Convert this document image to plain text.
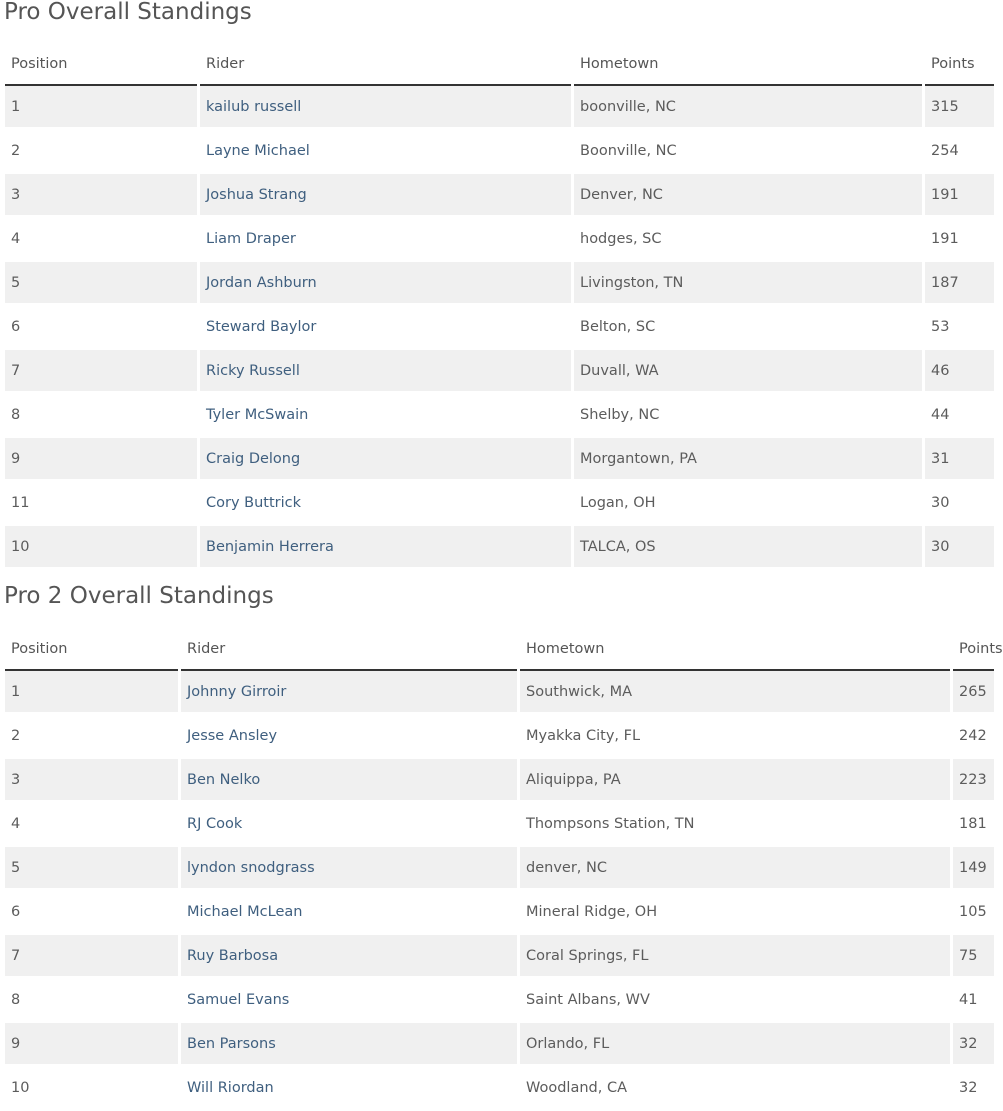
Pro Overall Standings
Position	Rider	Hometown	Points
1	kailub russell	boonville, NC	315
2	Layne Michael	Boonville, NC	254
3	Joshua Strang	Denver, NC	191
4	Liam Draper	hodges, SC	191
5	Jordan Ashburn	Livingston, TN	187
6	Steward Baylor	Belton, SC	53
7	Ricky Russell	Duvall, WA	46
8	Tyler McSwain	Shelby, NC	44
9	Craig Delong	Morgantown, PA	31
11	Cory Buttrick	Logan, OH	30
10	Benjamin Herrera	TALCA, OS	30
Pro 2 Overall Standings
Position	Rider	Hometown	Points
1	Johnny Girroir	Southwick, MA	265
2	Jesse Ansley	Myakka City, FL	242
3	Ben Nelko	Aliquippa, PA	223
4	RJ Cook	Thompsons Station, TN	181
5	lyndon snodgrass	denver, NC	149
6	Michael McLean	Mineral Ridge, OH	105
7	Ruy Barbosa	Coral Springs, FL	75
8	Samuel Evans	Saint Albans, WV	41
9	Ben Parsons	Orlando, FL	32
10	Will Riordan	Woodland, CA	32
